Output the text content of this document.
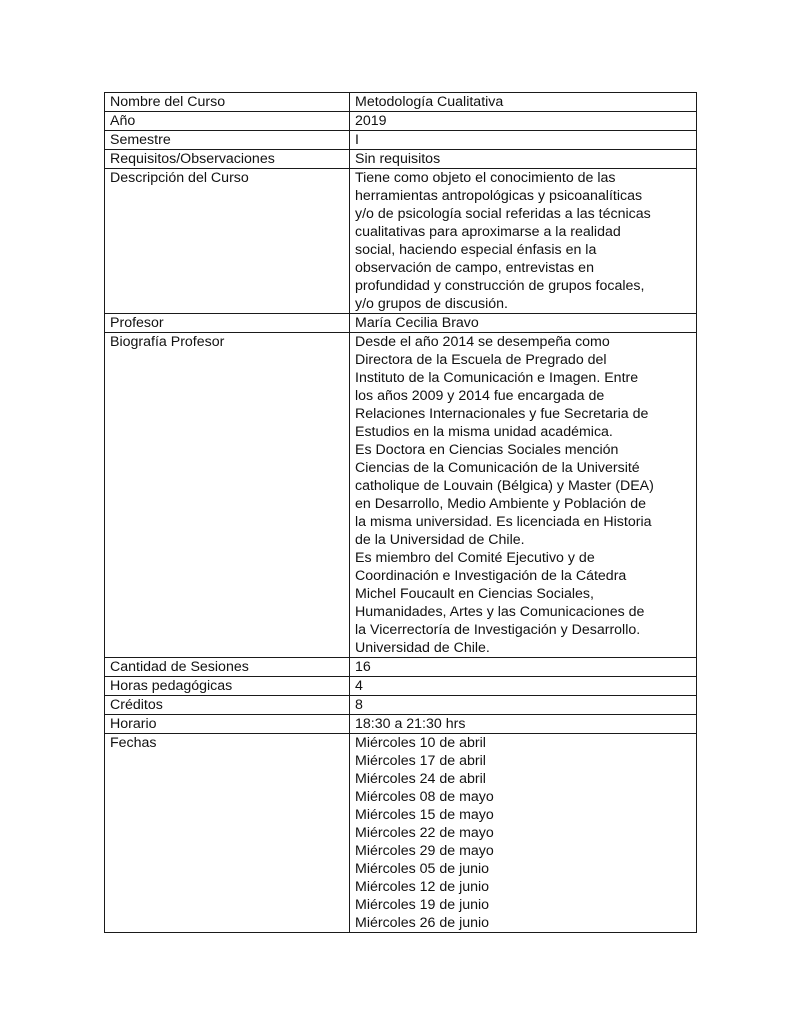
Nombre del Curso	Metodología Cualitativa
Año	2019
Semestre	I
Requisitos/Observaciones	Sin requisitos
Descripción del Curso	Tiene como objeto el conocimiento de las
herramientas antropológicas y psicoanalíticas
y/o de psicología social referidas a las técnicas
cualitativas para aproximarse a la realidad
social, haciendo especial énfasis en la
observación de campo, entrevistas en
profundidad y construcción de grupos focales,
y/o grupos de discusión.

Profesor	María Cecilia Bravo
Biografía Profesor	Desde el año 2014 se desempeña como
Directora de la Escuela de Pregrado del
Instituto de la Comunicación e Imagen. Entre
los años 2009 y 2014 fue encargada de
Relaciones Internacionales y fue Secretaria de
Estudios en la misma unidad académica.
Es Doctora en Ciencias Sociales mención
Ciencias de la Comunicación de la Université
catholique de Louvain (Bélgica) y Master (DEA)
en Desarrollo, Medio Ambiente y Población de
la misma universidad. Es licenciada en Historia
de la Universidad de Chile.
Es miembro del Comité Ejecutivo y de
Coordinación e Investigación de la Cátedra
Michel Foucault en Ciencias Sociales,
Humanidades, Artes y las Comunicaciones de
la Vicerrectoría de Investigación y Desarrollo.
Universidad de Chile.

Cantidad de Sesiones	16
Horas pedagógicas	4
Créditos	8
Horario	18:30 a 21:30 hrs
Fechas	Miércoles 10 de abril
Miércoles 17 de abril
Miércoles 24 de abril
Miércoles 08 de mayo
Miércoles 15 de mayo
Miércoles 22 de mayo
Miércoles 29 de mayo
Miércoles 05 de junio
Miércoles 12 de junio
Miércoles 19 de junio
Miércoles 26 de junio
